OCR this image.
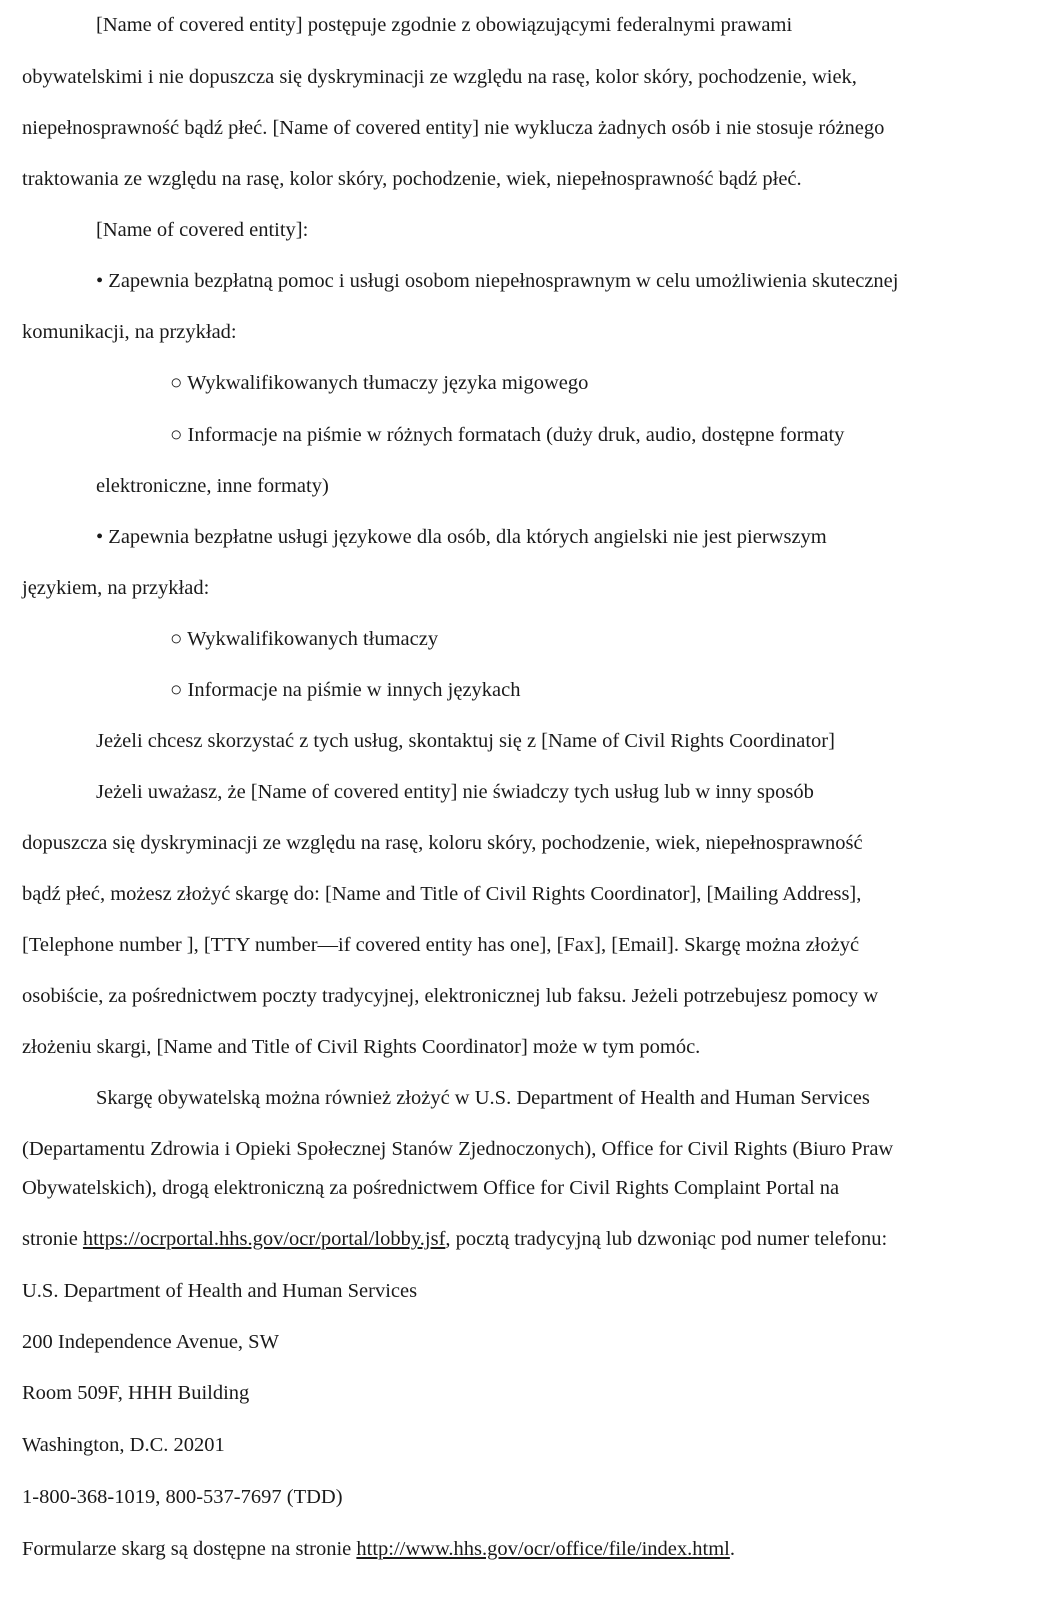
[Name of covered entity] postępuje zgodnie z obowiązującymi federalnymi prawami
obywatelskimi i nie dopuszcza się dyskryminacji ze względu na rasę, kolor skóry, pochodzenie, wiek,
niepełnosprawność bądź płeć. [Name of covered entity] nie wyklucza żadnych osób i nie stosuje różnego
traktowania ze względu na rasę, kolor skóry, pochodzenie, wiek, niepełnosprawność bądź płeć.
[Name of covered entity]:
• Zapewnia bezpłatną pomoc i usługi osobom niepełnosprawnym w celu umożliwienia skutecznej
komunikacji, na przykład:
○ Wykwalifikowanych tłumaczy języka migowego
○ Informacje na piśmie w różnych formatach (duży druk, audio, dostępne formaty
elektroniczne, inne formaty)
• Zapewnia bezpłatne usługi językowe dla osób, dla których angielski nie jest pierwszym
językiem, na przykład:
○ Wykwalifikowanych tłumaczy
○ Informacje na piśmie w innych językach
Jeżeli chcesz skorzystać z tych usług, skontaktuj się z [Name of Civil Rights Coordinator]
Jeżeli uważasz, że [Name of covered entity] nie świadczy tych usług lub w inny sposób
dopuszcza się dyskryminacji ze względu na rasę, koloru skóry, pochodzenie, wiek, niepełnosprawność
bądź płeć, możesz złożyć skargę do: [Name and Title of Civil Rights Coordinator], [Mailing Address],
[Telephone number ], [TTY number—if covered entity has one], [Fax], [Email]. Skargę można złożyć
osobiście, za pośrednictwem poczty tradycyjnej, elektronicznej lub faksu. Jeżeli potrzebujesz pomocy w
złożeniu skargi, [Name and Title of Civil Rights Coordinator] może w tym pomóc.
Skargę obywatelską można również złożyć w U.S. Department of Health and Human Services
(Departamentu Zdrowia i Opieki Społecznej Stanów Zjednoczonych), Office for Civil Rights (Biuro Praw
Obywatelskich), drogą elektroniczną za pośrednictwem Office for Civil Rights Complaint Portal na
stronie https://ocrportal.hhs.gov/ocr/portal/lobby.jsf, pocztą tradycyjną lub dzwoniąc pod numer telefonu:
U.S. Department of Health and Human Services
200 Independence Avenue, SW
Room 509F, HHH Building
Washington, D.C. 20201
1-800-368-1019, 800-537-7697 (TDD)
Formularze skarg są dostępne na stronie http://www.hhs.gov/ocr/office/file/index.html.
